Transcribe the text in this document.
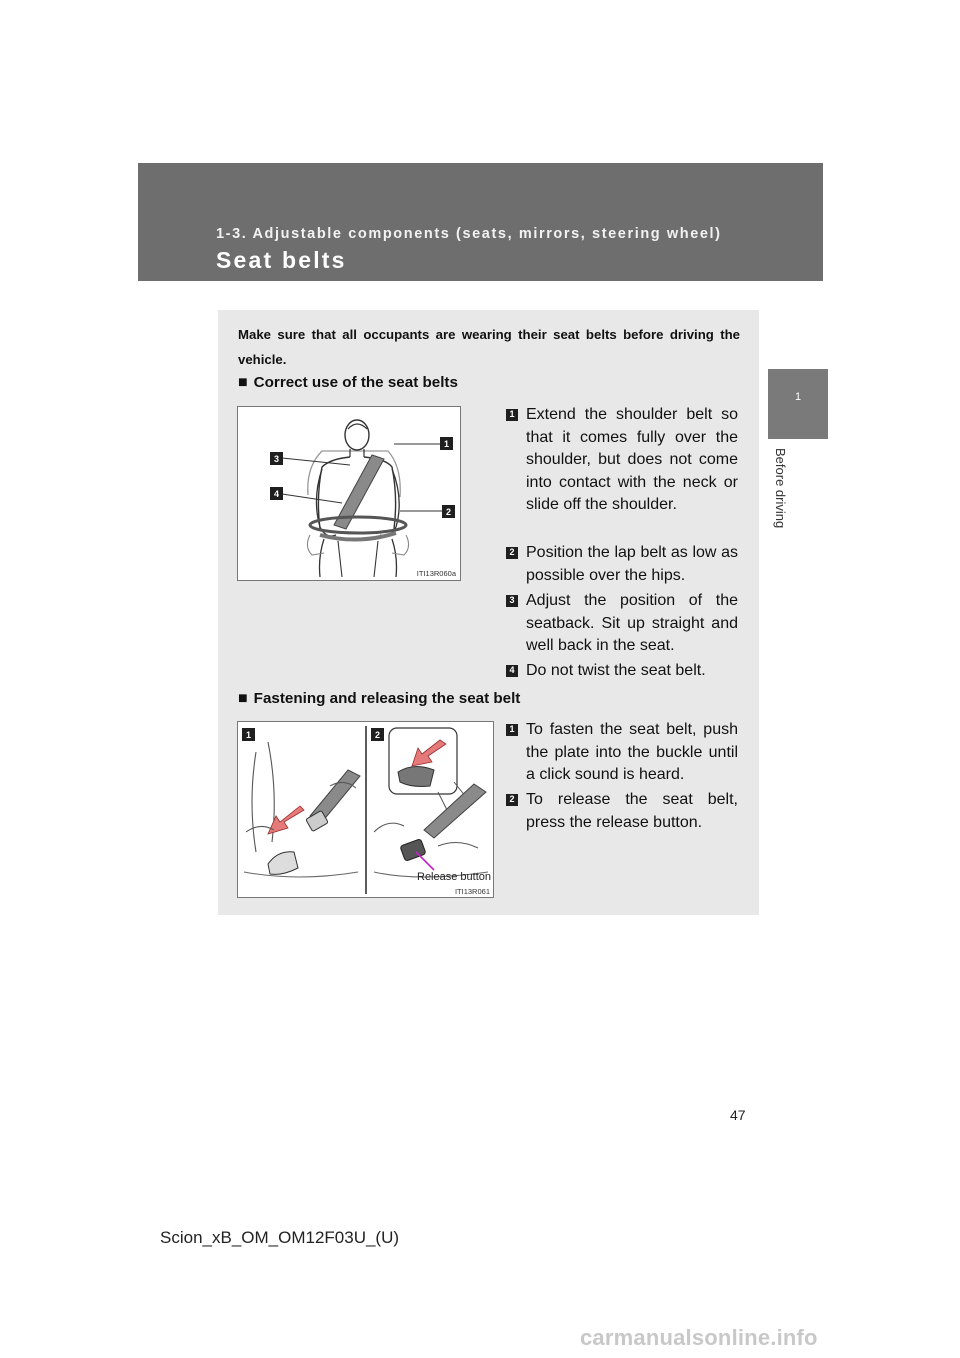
1-3. Adjustable components (seats, mirrors, steering wheel)
Seat belts
1
Before driving
Make sure that all occupants are wearing their seat belts before driving the vehicle.
■ Correct use of the seat belts
3
1
4
2
ITI13R060a
1 Extend the shoulder belt so that it comes fully over the shoulder, but does not come into contact with the neck or slide off the shoulder.
2 Position the lap belt as low as possible over the hips.
3 Adjust the position of the seatback. Sit up straight and well back in the seat.
4 Do not twist the seat belt.
■ Fastening and releasing the seat belt
1	2
Release button
ITI13R061
1 To fasten the seat belt, push the plate into the buckle until a click sound is heard.
2 To release the seat belt, press the release button.
47
Scion_xB_OM_OM12F03U_(U)
carmanualsonline.info
